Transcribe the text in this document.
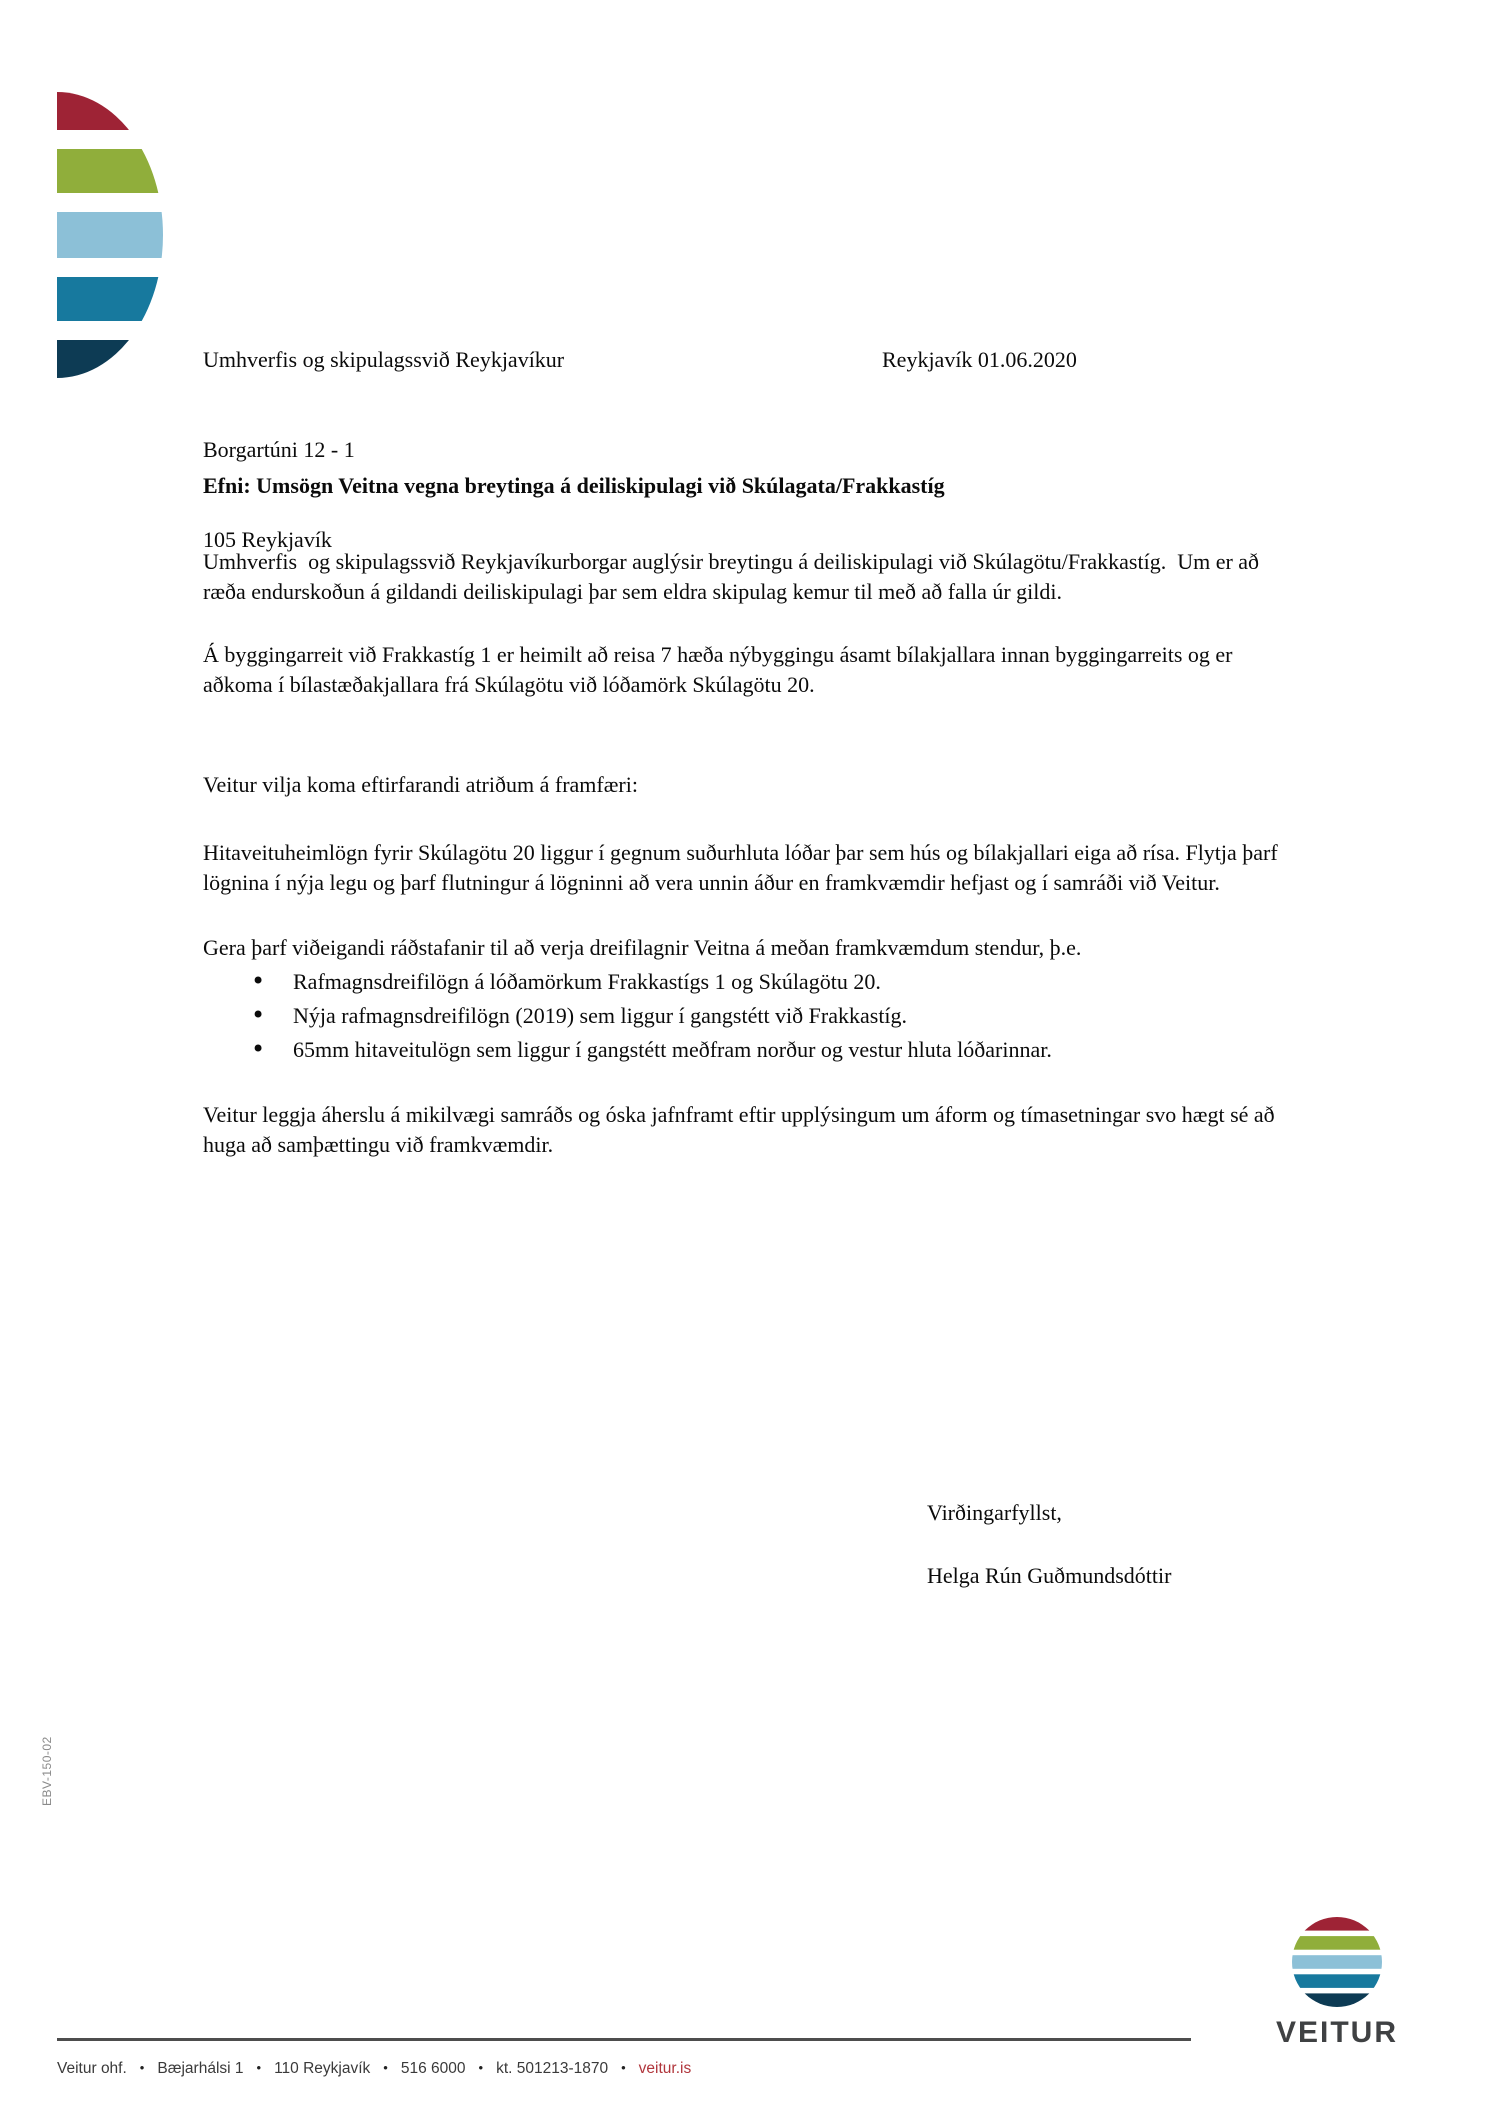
Umhverfis og skipulagssvið Reykjavíkur

Borgartúni 12 - 1

105 Reykjavík

Reykjavík 01.06.2020

Efni: Umsögn Veitna vegna breytinga á deiliskipulagi við Skúlagata/Frakkastíg

Umhverfis  og skipulagssvið Reykjavíkurborgar auglýsir breytingu á deiliskipulagi við Skúlagötu/Frakkastíg.  Um er að ræða endurskoðun á gildandi deiliskipulagi þar sem eldra skipulag kemur til með að falla úr gildi.

Á byggingarreit við Frakkastíg 1 er heimilt að reisa 7 hæða nýbyggingu ásamt bílakjallara innan byggingarreits og er aðkoma í bílastæðakjallara frá Skúlagötu við lóðamörk Skúlagötu 20.

Veitur vilja koma eftirfarandi atriðum á framfæri:

Hitaveituheimlögn fyrir Skúlagötu 20 liggur í gegnum suðurhluta lóðar þar sem hús og bílakjallari eiga að rísa. Flytja þarf lögnina í nýja legu og þarf flutningur á lögninni að vera unnin áður en framkvæmdir hefjast og í samráði við Veitur.

Gera þarf viðeigandi ráðstafanir til að verja dreifilagnir Veitna á meðan framkvæmdum stendur, þ.e.

• Rafmagnsdreifilögn á lóðamörkum Frakkastígs 1 og Skúlagötu 20.
• Nýja rafmagnsdreifilögn (2019) sem liggur í gangstétt við Frakkastíg.
• 65mm hitaveitulögn sem liggur í gangstétt meðfram norður og vestur hluta lóðarinnar.

Veitur leggja áherslu á mikilvægi samráðs og óska jafnframt eftir upplýsingum um áform og tímasetningar svo hægt sé að huga að samþættingu við framkvæmdir.

Virðingarfyllst,
Helga Rún Guðmundsdóttir
EBV-150-02
Veitur ohf. • Bæjarhálsi 1 • 110 Reykjavík • 516 6000 • kt. 501213-1870 • veitur.is
VEITUR
